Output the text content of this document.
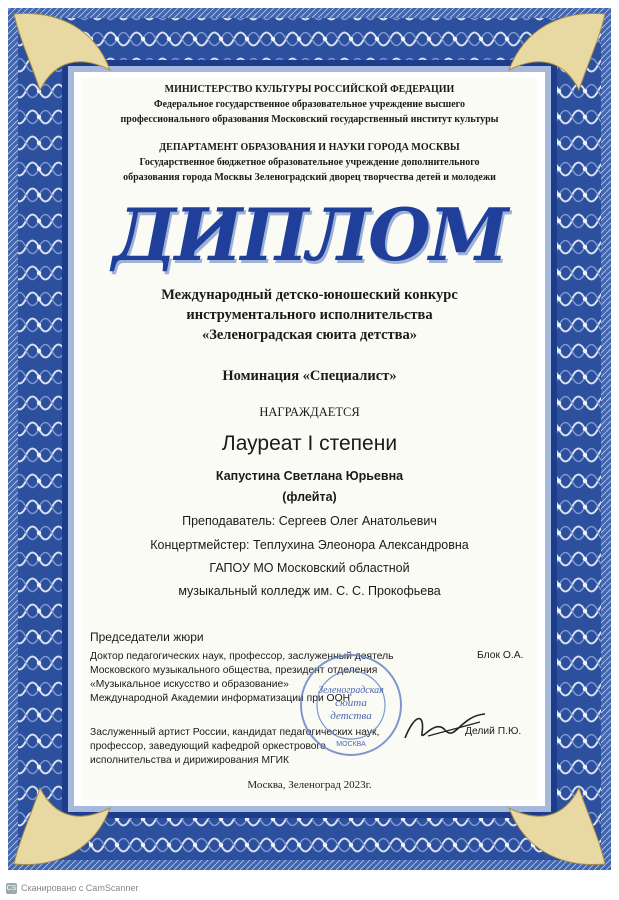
МИНИСТЕРСТВО КУЛЬТУРЫ РОССИЙСКОЙ ФЕДЕРАЦИИ
Федеральное государственное образовательное учреждение высшего
профессионального образования Московский государственный институт культуры
ДЕПАРТАМЕНТ ОБРАЗОВАНИЯ И НАУКИ ГОРОДА МОСКВЫ
Государственное бюджетное образовательное учреждение дополнительного
образования города Москвы Зеленоградский дворец творчества детей и молодежи
ДИПЛОМ
Международный детско-юношеский конкурс
инструментального исполнительства
«Зеленоградская сюита детства»
Номинация «Специалист»
НАГРАЖДАЕТСЯ
Лауреат I степени
Капустина Светлана Юрьевна
(флейта)
Преподаватель: Сергеев Олег Анатольевич
Концертмейстер: Теплухина Элеонора Александровна
ГАПОУ МО Московский областной
музыкальный колледж им. С. С. Прокофьева
Председатели жюри
Доктор педагогических наук, профессор, заслуженный деятель
Московского музыкального общества, президент отделения
«Музыкальное искусство и образование»
Международной Академии информатизации при ООН
Блок О.А.
Заслуженный артист России, кандидат педагогических наук,
профессор, заведующий кафедрой оркестрового
исполнительства и дирижирования МГИК
Делий П.Ю.
Зеленоградская
сюита
детства
МОСКВА
Москва, Зеленоград 2023г.
CS Сканировано с CamScanner
